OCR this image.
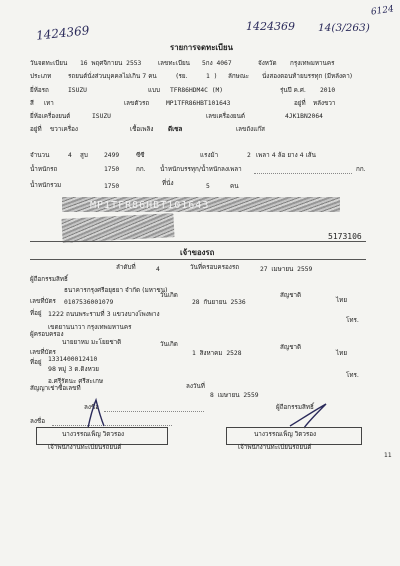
1424369	1424369 14(3/263)
6124
รายการจดทะเบียน
วันจดทะเบียน 16 พฤศจิกายน 2553	เลขทะเบียน 5กง 4067	จังหวัด กรุงเทพมหานคร
ประเภท	รถยนต์นั่งส่วนบุคคลไม่เกิน 7 คน	(รย.	1 ) ลักษณะ นั่งสองตอนท้ายบรรทุก (มีหลังคา)
ยี่ห้อรถ	ISUZU	แบบ TFR86HDM4C (M)	รุ่นปี ค.ศ. 2010
สี เทา	เลขตัวรถ	MP1TFR86HBT101643	อยู่ที่ หลังขวา
ยี่ห้อเครื่องยนต์	ISUZU	เลขเครื่องยนต์	4JK1BN2064
อยู่ที่ ขวาเครื่อง	เชื้อเพลิง ดีเซล	เลขถังแก๊ส
จำนวน	4 สูบ	2499	ซีซี	แรงม้า	2 เพลา 4 ล้อ ยาง 4 เส้น
น้ำหนักรถ	1750	กก. น้ำหนักบรรทุก/น้ำหนักลงเพลา	กก.
น้ำหนักรวม	1750	ที่นั่ง	5	คน
MP1TFR86HBT101643
5173106
เจ้าของรถ
ลำดับที่	4	วันที่ครอบครองรถ	27 เมษายน 2559
ผู้ถือกรรมสิทธิ์
ธนาคารกรุงศรีอยุธยา จำกัด (มหาชน)
เลขที่บัตร 0107536001079
วันเกิด
28 กันยายน 2536
สัญชาติ
ไทย
ที่อยู่ 1222 ถนนพระรามที่ 3 แขวงบางโพงพาง
เขตยานนาวา กรุงเทพมหานคร
โทร.
ผู้ครอบครอง
นายยาหม มะโยยชาติ
เลขที่บัตร
1331400012410
วันเกิด
1 สิงหาคม 2528
สัญชาติ
ไทย
ที่อยู่
98 หมู่ 3 ต.ดิงหวย
อ.ศรีรัตนะ ศรีสะเกษ
โทร.
สัญญาเช่าซื้อเลขที่	ลงวันที่
8 เมษายน 2559
ลงชื่อ	ผู้ถือกรรมสิทธิ์
ลงชื่อ
นางวรรณเพ็ญ วิตวรอง
เจ้าพนักงานทะเบียนรถยนต์
นางวรรณเพ็ญ วิตวรอง
เจ้าพนักงานทะเบียนรถยนต์
11
